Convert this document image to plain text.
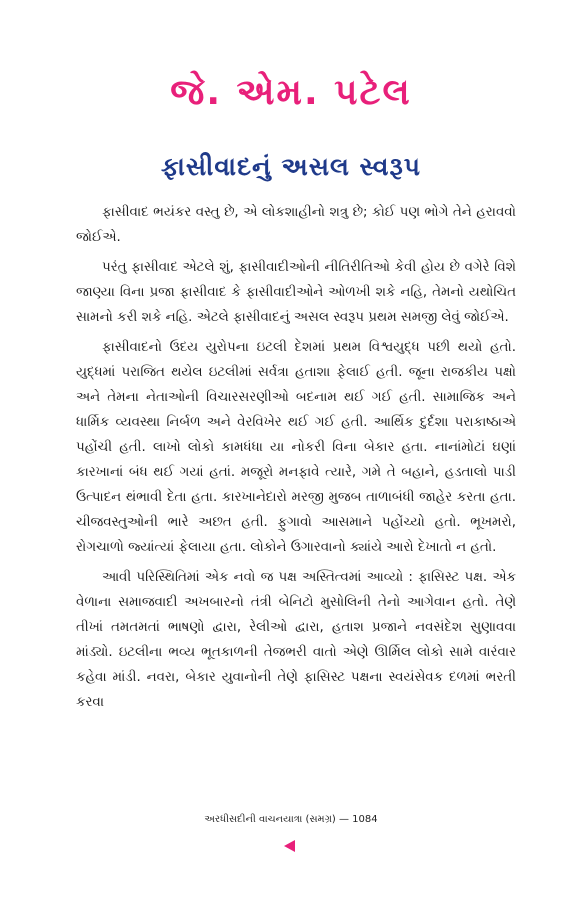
જે. એમ. પટેલ
ફાસીવાદનું અસલ સ્વરૂપ

ફાસીવાદ ભયંકર વસ્તુ છે, એ લોકશાહીનો શત્રુ છે; કોઈ પણ ભોગે તેને હરાવવો જોઈએ.

પરંતુ ફાસીવાદ એટલે શું, ફાસીવાદીઓની નીતિરીતિઓ કેવી હોય છે વગેરે વિશે જાણ્યા વિના પ્રજા ફાસીવાદ કે ફાસીવાદીઓને ઓળખી શકે નહિ, તેમનો યથોચિત સામનો કરી શકે નહિ. એટલે ફાસીવાદનું અસલ સ્વરૂપ પ્રથમ સમજી લેવું જોઈએ.

ફાસીવાદનો ઉદય યુરોપના ઇટલી દેશમાં પ્રથમ વિશ્વયુદ્ધ પછી થયો હતો. યુદ્ધમાં પરાજિત થયેલ ઇટલીમાં સર્વત્રા હતાશા ફેલાઈ હતી. જૂના રાજકીય પક્ષો અને તેમના નેતાઓની વિચારસરણીઓ બદનામ થઈ ગઈ હતી. સામાજિક અને ધાર્મિક વ્યવસ્થા નિર્બળ અને વેરવિખેર થઈ ગઈ હતી. આર્થિક દુર્દશા પરાકાષ્ઠાએ પહોંચી હતી. લાખો લોકો કામધંધા યા નોકરી વિના બેકાર હતા. નાનાંમોટાં ઘણાં કારખાનાં બંધ થઈ ગયાં હતાં. મજૂરો મનફાવે ત્યારે, ગમે તે બહાને, હડતાલો પાડી ઉત્પાદન થંભાવી દેતા હતા. કારખાનેદારો મરજી મુજબ તાળાબંધી જાહેર કરતા હતા. ચીજવસ્તુઓની ભારે અછત હતી. ફુગાવો આસમાને પહોંચ્યો હતો. ભૂખમરો, રોગચાળો જ્યાંત્યાં ફેલાયા હતા. લોકોને ઉગારવાનો ક્યાંયે આરો દેખાતો ન હતો.

આવી પરિસ્થિતિમાં એક નવો જ પક્ષ અસ્તિત્વમાં આવ્યો : ફાસિસ્ટ પક્ષ. એક વેળાના સમાજવાદી અખબારનો તંત્રી બેનિટો મુસોલિની તેનો આગેવાન હતો. તેણે તીખાં તમતમતાં ભાષણો દ્વારા, રેલીઓ દ્વારા, હતાશ પ્રજાને નવસંદેશ સુણાવવા માંડ્યો. ઇટલીના ભવ્ય ભૂતકાળની તેજભરી વાતો એણે ઊર્મિલ લોકો સામે વારંવાર કહેવા માંડી. નવરા, બેકાર યુવાનોની તેણે ફાસિસ્ટ પક્ષના સ્વયંસેવક દળમાં ભરતી કરવા

અરધીસદીની વાચનયાત્રા (સમગ્ર) — 1084
